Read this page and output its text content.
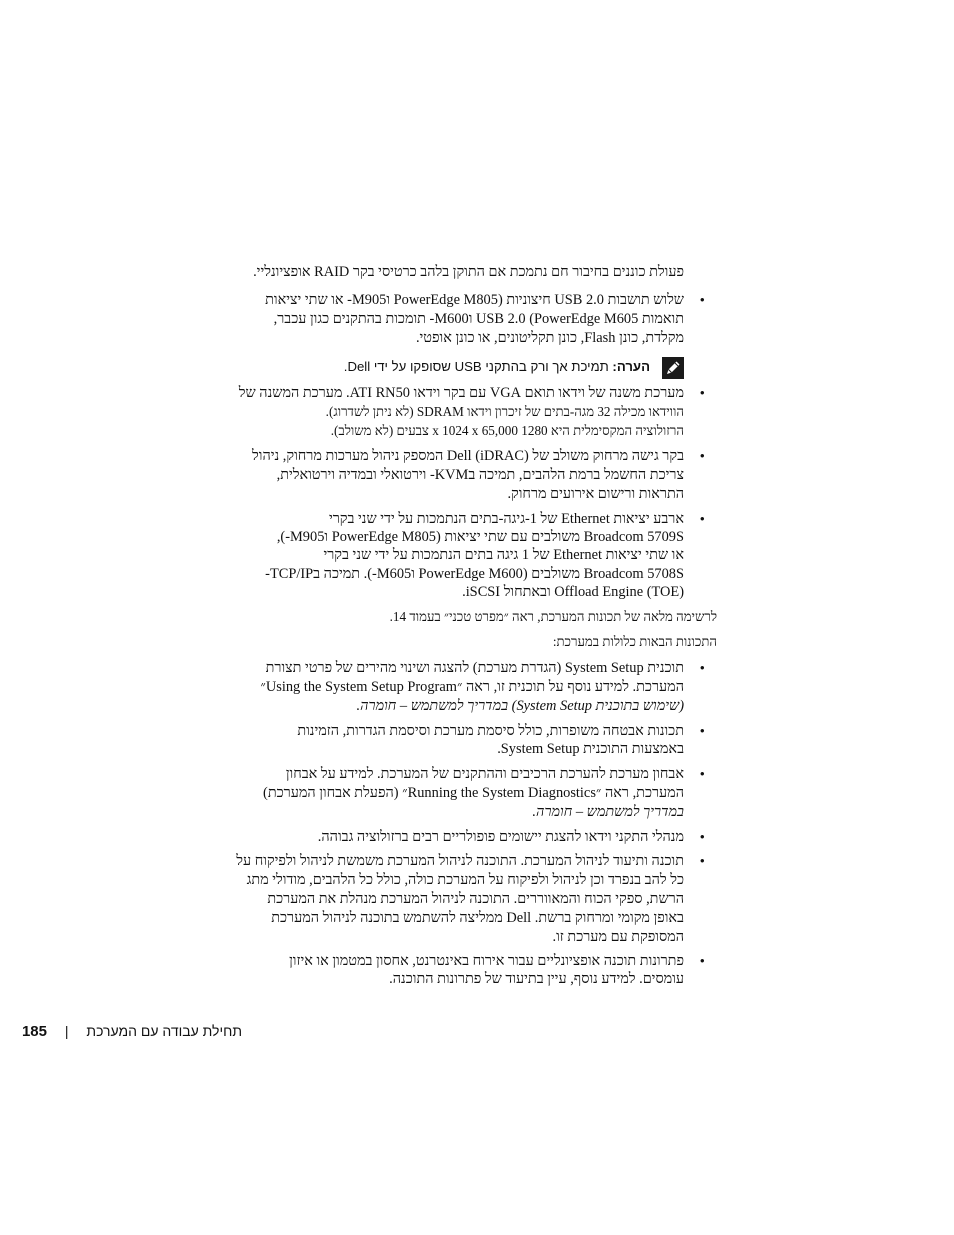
פעולת כוננים בחיבור חם נתמכת אם התוקן בלהב כרטיסי בקר RAID אופציונליי.
•
שלוש תושבות USB 2.0 חיצוניות (PowerEdge M805 וM905- או שתי יציאות
תואמות USB 2.0 (PowerEdge M605 וM600- תומכות בהתקנים כגון עכבר,
מקלדת, כונן Flash, כונן תקליטונים, או כונן אופטי.
הערה: תמיכת אך ורק בהתקני USB שסופקו על ידי Dell.
•
מערכת משנה של וידאו תואם VGA עם בקר וידאו ATI RN50. מערכת המשנה של
הווידאו מכילה 32 מגה-בתים של זיכרון וידאו SDRAM (לא ניתן לשדרוג).
הרזולוציה המקסימלית היא 1280 x 1024 x 65,000 צבעים (לא משולב).
•
בקר גישה מרחוק משולב של Dell (iDRAC) המספק ניהול מערכות מרחוק, ניהול
צריכת החשמל ברמת הלהבים, תמיכה בKVM- וירטואלי ובמדיה וירטואלית,
התראות ורישום אירועים מרחוק.
•
ארבע יציאות Ethernet של 1-גיגה-בתים הנתמכות על ידי שני בקרי
Broadcom 5709S משולבים עם שתי יציאות (PowerEdge M805 וM905-),
או שתי יציאות Ethernet של 1 גיגה בתים הנתמכות על ידי שני בקרי
Broadcom 5708S משולבים (PowerEdge M600 וM605-). תמיכה בTCP/IP-
Offload Engine (TOE) ובאתחול iSCSI.
לרשימה מלאה של תכונות המערכת, ראה ״מפרט טכני״ בעמוד 14.
התכונות הבאות כלולות במערכת:
•
תוכנית System Setup (הגדרת מערכת) להצגה ושינוי מהירים של פרטי תצורת
המערכת. למידע נוסף על תוכנית זו, ראה ״Using the System Setup Program״
(שימוש בתוכנית System Setup) במדריך למשתמש – חומרה.
•
תכונות אבטחה משופרות, כולל סיסמת מערכת וסיסמת הגדרות, הזמינות
באמצעות התוכנית System Setup.
•
אבחון מערכת להערכת הרכיבים וההתקנים של המערכת. למידע על אבחון
המערכת, ראה ״Running the System Diagnostics״ (הפעלת אבחון המערכת)
במדריך למשתמש – חומרה.
•
מנהלי התקני וידאו להצגת יישומים פופולריים רבים ברזולוציה גבוהה.
•
תוכנה ותיעוד לניהול המערכת. התוכנה לניהול המערכת משמשת לניהול ולפיקוח על
כל להב בנפרד וכן לניהול ולפיקוח על המערכת כולה, כולל כל הלהבים, מודולי מתג
הרשת, ספקי הכוח והמאווררים. התוכנה לניהול המערכת מנהלת את המערכת
באופן מקומי ומרחוק ברשת. Dell ממליצה להשתמש בתוכנה לניהול המערכת
המסופקת עם מערכת זו.
•
פתרונות תוכנה אופציונליים עבור אירוח באינטרנט, אחסון במטמון או איזון
עומסים. למידע נוסף, עיין בתיעוד של פתרונות התוכנה.
תחילת עבודה עם המערכת | 185
